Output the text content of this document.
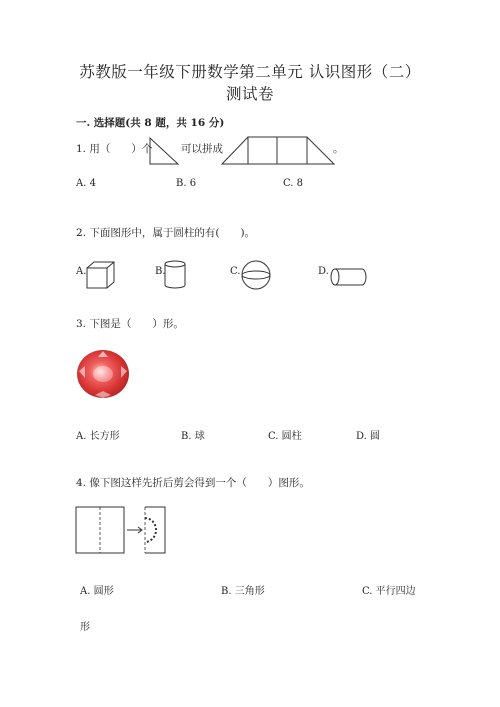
苏教版一年级下册数学第二单元 认识图形（二）
测试卷
一. 选择题(共 8 题，共 16 分)
1. 用（　　）个	可以拼成	。
A. 4	B. 6	C. 8
2. 下面图形中，属于圆柱的有(　　)。
A.	B.	C.	D.
3. 下图是（　　）形。
A. 长方形	B. 球	C. 圆柱	D. 圆
4. 像下图这样先折后剪会得到一个（　　）图形。
A. 圆形	B. 三角形	C. 平行四边
形
